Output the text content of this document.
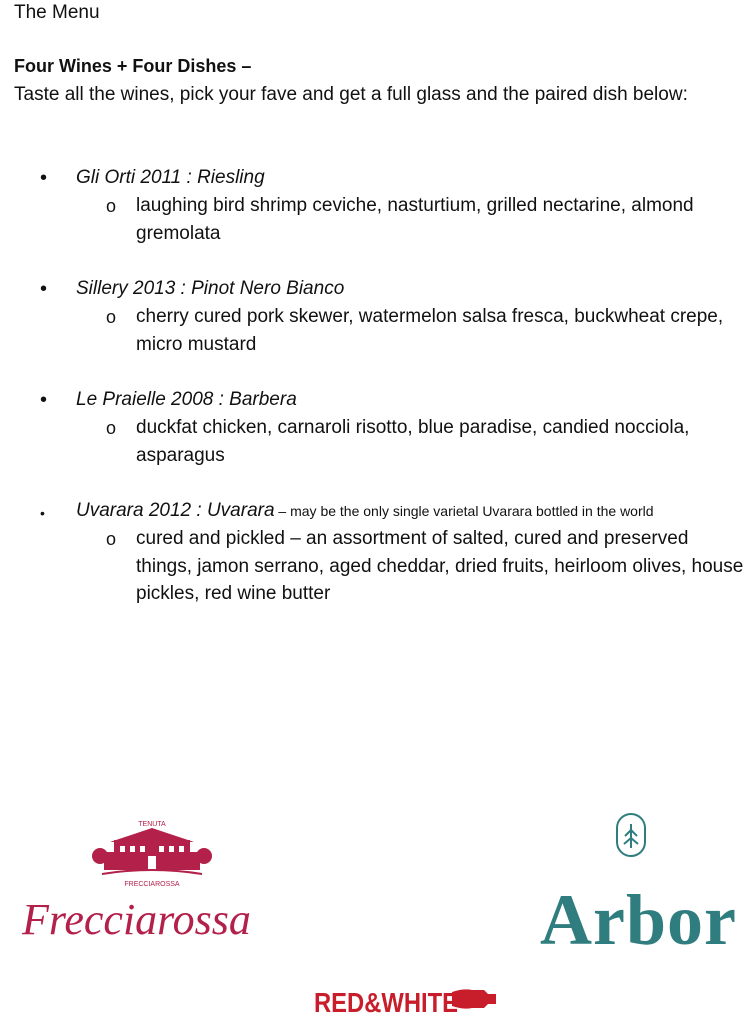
The Menu
Four Wines + Four Dishes –
Taste all the wines, pick your fave and get a full glass and the paired dish below:
• Gli Orti 2011 : Riesling
o laughing bird shrimp ceviche, nasturtium, grilled nectarine, almond gremolata
• Sillery 2013 : Pinot Nero Bianco
o cherry cured pork skewer, watermelon salsa fresca, buckwheat crepe, micro mustard
• Le Praielle 2008 : Barbera
o duckfat chicken, carnaroli risotto, blue paradise, candied nocciola, asparagus
• Uvarara 2012 : Uvarara – may be the only single varietal Uvarara bottled in the world
o cured and pickled – an assortment of salted, cured and preserved things, jamon serrano, aged cheddar, dried fruits, heirloom olives, house pickles, red wine butter
TENUTA
FRECCIAROSSA
Frecciarossa	Arbor
RED&WHITE
